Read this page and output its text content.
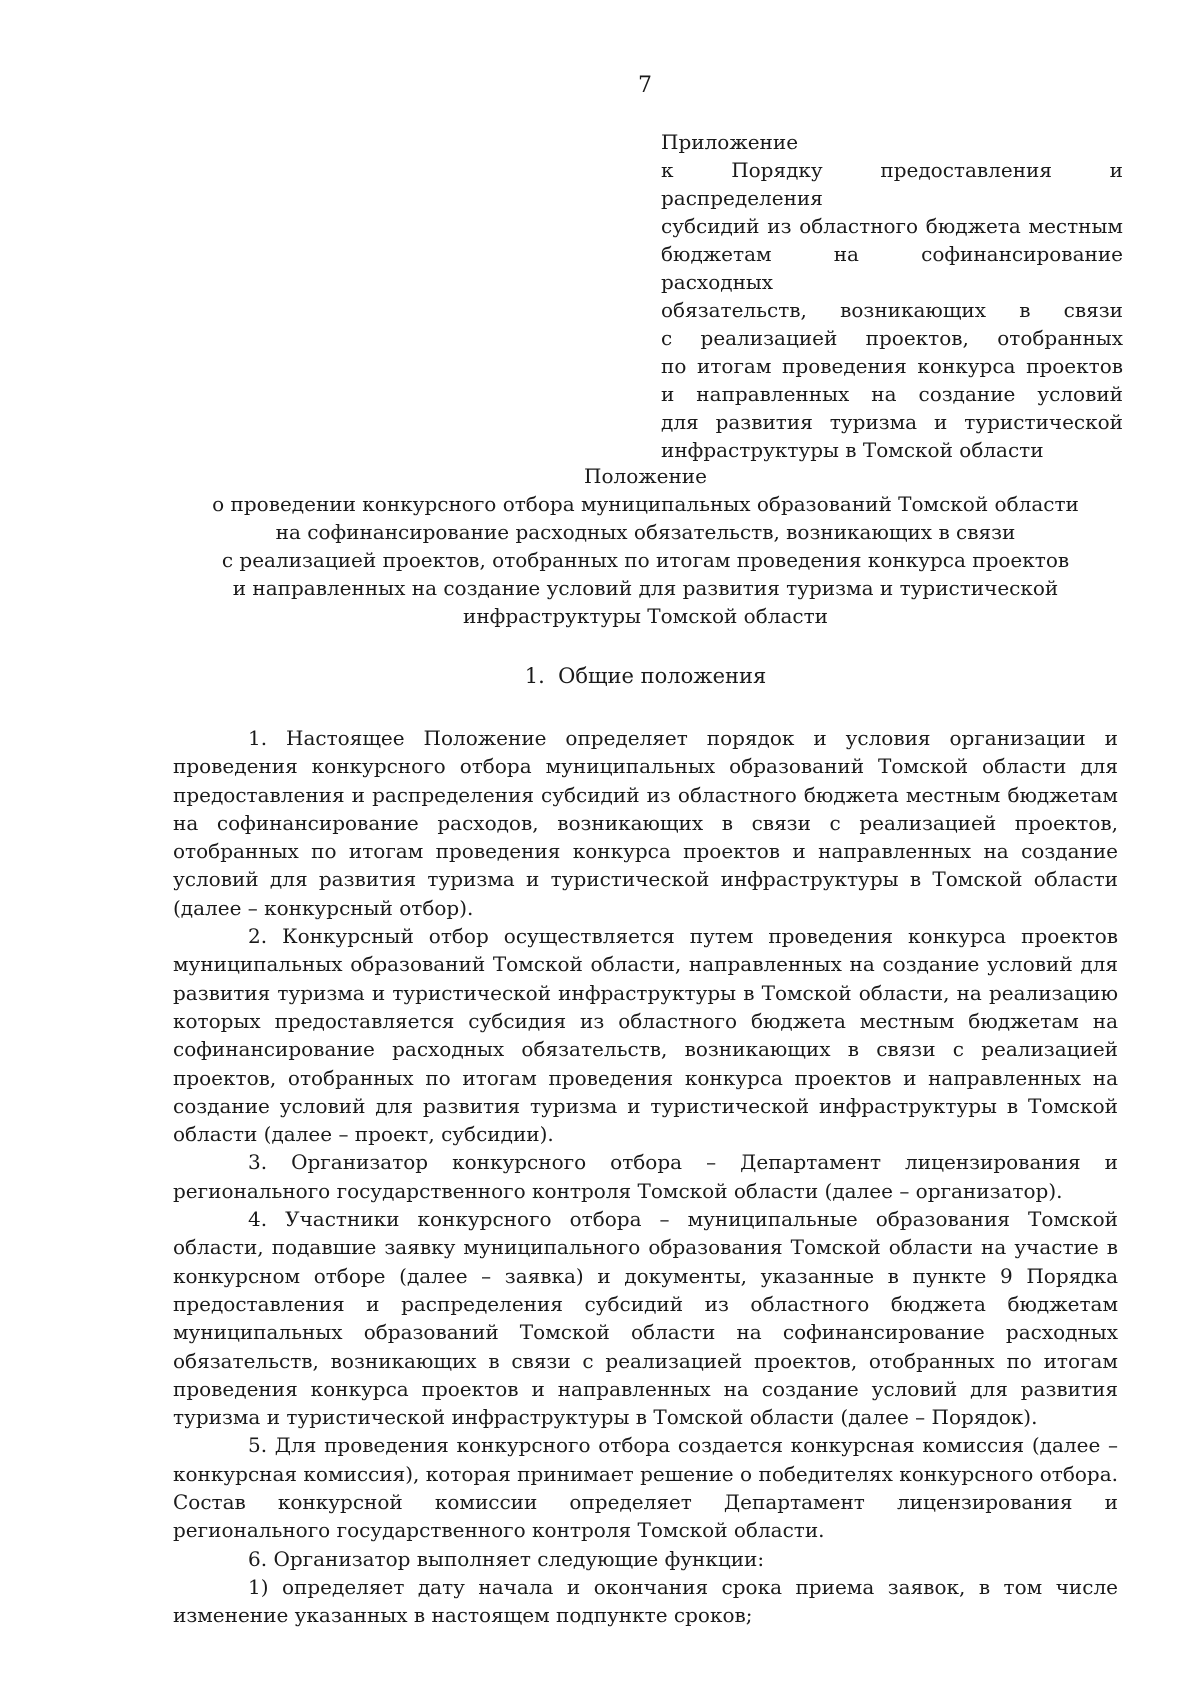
7
Приложение
к Порядку предоставления и распределения
субсидий из областного бюджета местным
бюджетам на софинансирование расходных
обязательств, возникающих в связи
с реализацией проектов, отобранных
по итогам проведения конкурса проектов
и направленных на создание условий
для развития туризма и туристической
инфраструктуры в Томской области
Положение
о проведении конкурсного отбора муниципальных образований Томской области
на софинансирование расходных обязательств, возникающих в связи
с реализацией проектов, отобранных по итогам проведения конкурса проектов
и направленных на создание условий для развития туризма и туристической
инфраструктуры Томской области
1. Общие положения

1. Настоящее Положение определяет порядок и условия организации и проведения конкурсного отбора муниципальных образований Томской области для предоставления и распределения субсидий из областного бюджета местным бюджетам на софинансирование расходов, возникающих в связи с реализацией проектов, отобранных по итогам проведения конкурса проектов и направленных на создание условий для развития туризма и туристической инфраструктуры в Томской области (далее – конкурсный отбор).

2. Конкурсный отбор осуществляется путем проведения конкурса проектов муниципальных образований Томской области, направленных на создание условий для развития туризма и туристической инфраструктуры в Томской области, на реализацию которых предоставляется субсидия из областного бюджета местным бюджетам на софинансирование расходных обязательств, возникающих в связи с реализацией проектов, отобранных по итогам проведения конкурса проектов и направленных на создание условий для развития туризма и туристической инфраструктуры в Томской области (далее – проект, субсидии).

3. Организатор конкурсного отбора – Департамент лицензирования и регионального государственного контроля Томской области (далее – организатор).

4. Участники конкурсного отбора – муниципальные образования Томской области, подавшие заявку муниципального образования Томской области на участие в конкурсном отборе (далее – заявка) и документы, указанные в пункте 9 Порядка предоставления и распределения субсидий из областного бюджета бюджетам муниципальных образований Томской области на софинансирование расходных обязательств, возникающих в связи с реализацией проектов, отобранных по итогам проведения конкурса проектов и направленных на создание условий для развития туризма и туристической инфраструктуры в Томской области (далее – Порядок).

5. Для проведения конкурсного отбора создается конкурсная комиссия (далее – конкурсная комиссия), которая принимает решение о победителях конкурсного отбора. Состав конкурсной комиссии определяет Департамент лицензирования и регионального государственного контроля Томской области.

6. Организатор выполняет следующие функции:

1) определяет дату начала и окончания срока приема заявок, в том числе изменение указанных в настоящем подпункте сроков;
